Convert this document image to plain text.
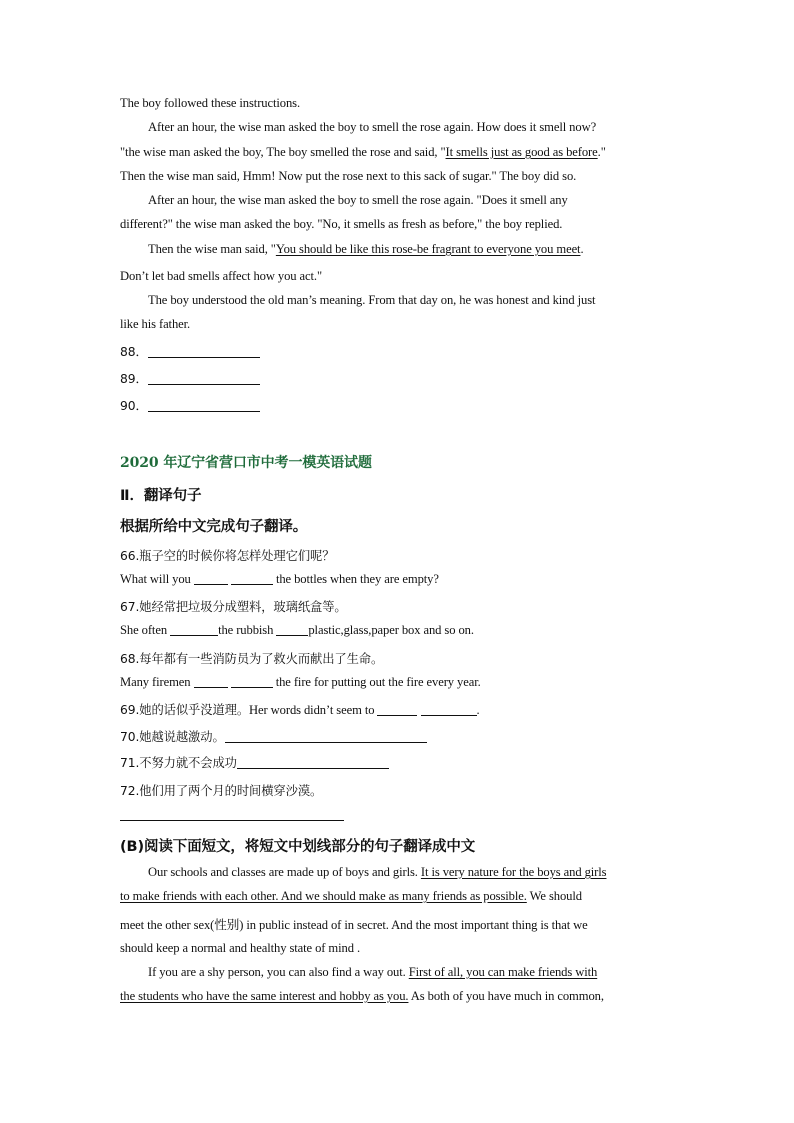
The boy followed these instructions.
After an hour, the wise man asked the boy to smell the rose again. How does it smell now?
"the wise man asked the boy, The boy smelled the rose and said, "It smells just as good as before."
Then the wise man said, Hmm! Now put the rose next to this sack of sugar." The boy did so.
After an hour, the wise man asked the boy to smell the rose again. "Does it smell any
different?" the wise man asked the boy. "No, it smells as fresh as before," the boy replied.
Then the wise man said, "You should be like this rose-be fragrant to everyone you meet.
Don’t let bad smells affect how you act."
The boy understood the old man’s meaning. From that day on, he was honest and kind just
like his father.
88．
89．
90．
2020 年辽宁省营口市中考一模英语试题
Ⅱ．翻译句子
根据所给中文完成句子翻译。
66.瓶子空的时候你将怎样处理它们呢？
What will you	the bottles when they are empty?
67.她经常把垃圾分成塑料，玻璃纸盒等。
She often	the rubbish	plastic,glass,paper box and so on.
68.每年都有一些消防员为了救火而献出了生命。
Many firemen	the fire for putting out the fire every year.
69.她的话似乎没道理。Her words didn’t seem to	.
70.她越说越激动。
71.不努力就不会成功
72.他们用了两个月的时间横穿沙漠。
(B)阅读下面短文，将短文中划线部分的句子翻译成中文
Our schools and classes are made up of boys and girls. It is very nature for the boys and girls
to make friends with each other. And we should make as many friends as possible. We should
meet the other sex(性别) in public instead of in secret. And the most important thing is that we
should keep a normal and healthy state of mind .
If you are a shy person, you can also find a way out. First of all, you can make friends with
the students who have the same interest and hobby as you. As both of you have much in common,
